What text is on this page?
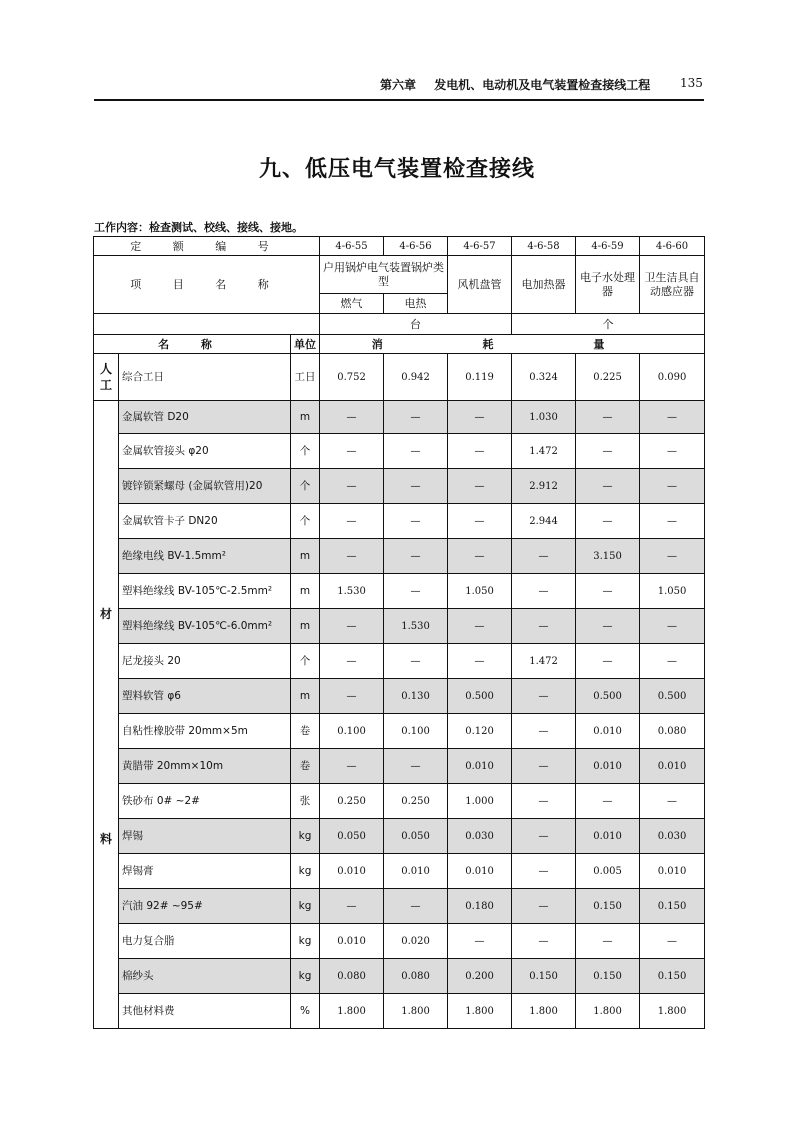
第六章 发电机、电动机及电气装置检查接线工程 135
九、低压电气装置检查接线
工作内容：检查测试、校线、接线、接地。
定 额 编 号			4-6-55	4-6-56	4-6-57	4-6-58	4-6-59	4-6-60
项 目 名 称			户用锅炉电气装置锅炉类型		风机盘管	电加热器	电子水处理器	卫生洁具自动感应器
			燃气	电热				
			台			个		
名 称		单位	消 耗 量					
人工	综合工日	工日	0.752	0.942	0.119	0.324	0.225	0.090

材
料	金属软管 D20	m	—	—	—	1.030	—	—
	金属软管接头 φ20	个	—	—	—	1.472	—	—
	镀锌锁紧螺母 (金属软管用)20	个	—	—	—	2.912	—	—
	金属软管卡子 DN20	个	—	—	—	2.944	—	—
	绝缘电线 BV-1.5mm²	m	—	—	—	—	3.150	—
	塑料绝缘线 BV-105℃-2.5mm²	m	1.530	—	1.050	—	—	1.050
	塑料绝缘线 BV-105℃-6.0mm²	m	—	1.530	—	—	—	—
	尼龙接头 20	个	—	—	—	1.472	—	—
	塑料软管 φ6	m	—	0.130	0.500	—	0.500	0.500
	自粘性橡胶带 20mm×5m	卷	0.100	0.100	0.120	—	0.010	0.080
	黄腊带 20mm×10m	卷	—	—	0.010	—	0.010	0.010
	铁砂布 0# ~2#	张	0.250	0.250	1.000	—	—	—
	焊锡	kg	0.050	0.050	0.030	—	0.010	0.030
	焊锡膏	kg	0.010	0.010	0.010	—	0.005	0.010
	汽油 92# ~95#	kg	—	—	0.180	—	0.150	0.150
	电力复合脂	kg	0.010	0.020	—	—	—	—
	棉纱头	kg	0.080	0.080	0.200	0.150	0.150	0.150
	其他材料费	%	1.800	1.800	1.800	1.800	1.800	1.800
